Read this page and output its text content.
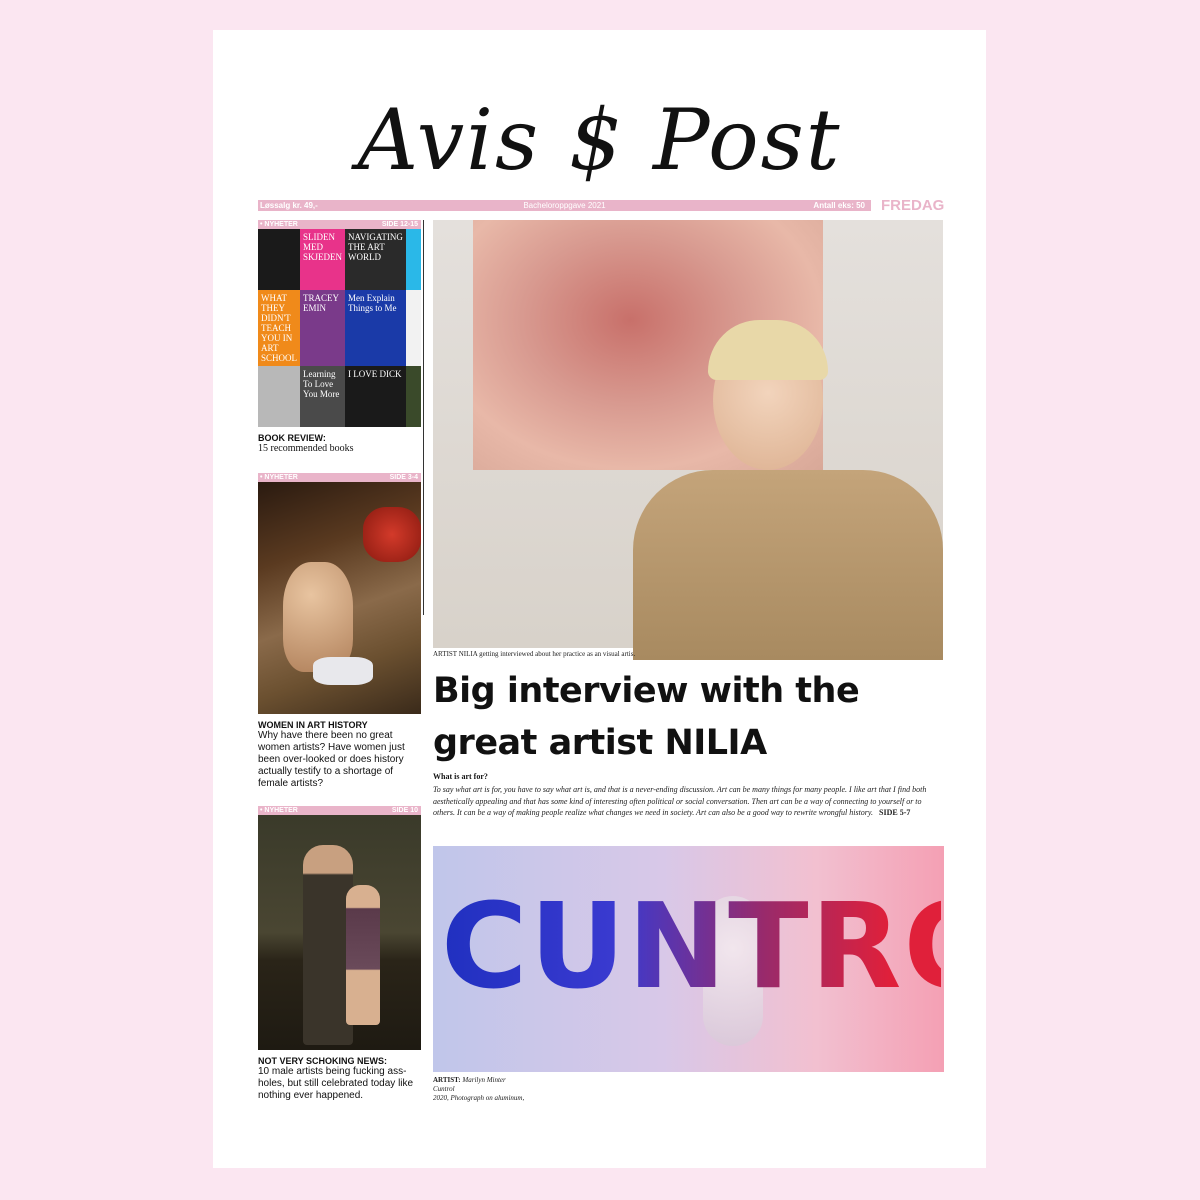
Avis $ Post
Løssalg kr. 49,-	Bacheloroppgave 2021	Antall eks: 50 FREDAG
• NYHETER	SIDE 12-15
SLIDEN MED SKJEDEN
NAVIGATING THE ART WORLD
WHAT THEY DIDN'T TEACH YOU IN ART SCHOOL
TRACEY EMIN
Men Explain Things to Me
Learning To Love You More
I LOVE DICK
BOOK REVIEW:
15 recommended books
• NYHETER	SIDE 3-4
WOMEN IN ART HISTORY
Why have there been no great women artists? Have women just been over-looked or does history actually testify to a shortage of female artists?
• NYHETER	SIDE 10
NOT VERY SCHOKING NEWS:
10 male artists being fucking ass-holes, but still celebrated today like nothing ever happened.
ARTIST NILIA getting interviewed about her practice as an visual artis.
Big interview with the great artist NILIA
What is art for?
To say what art is for, you have to say what art is, and that is a never-ending discussion. Art can be many things for many people. I like art that I find both aesthetically appealing and that has some kind of interesting often political or social conversation. Then art can be a way of connecting to yourself or to others. It can be a way of making people realize what changes we need in society. Art can also be a good way to rewrite wrongful history. SIDE 5-7
CUNTROl
ARTIST: Marilyn Minter
Cuntrol
2020, Photograph on aluminum,
